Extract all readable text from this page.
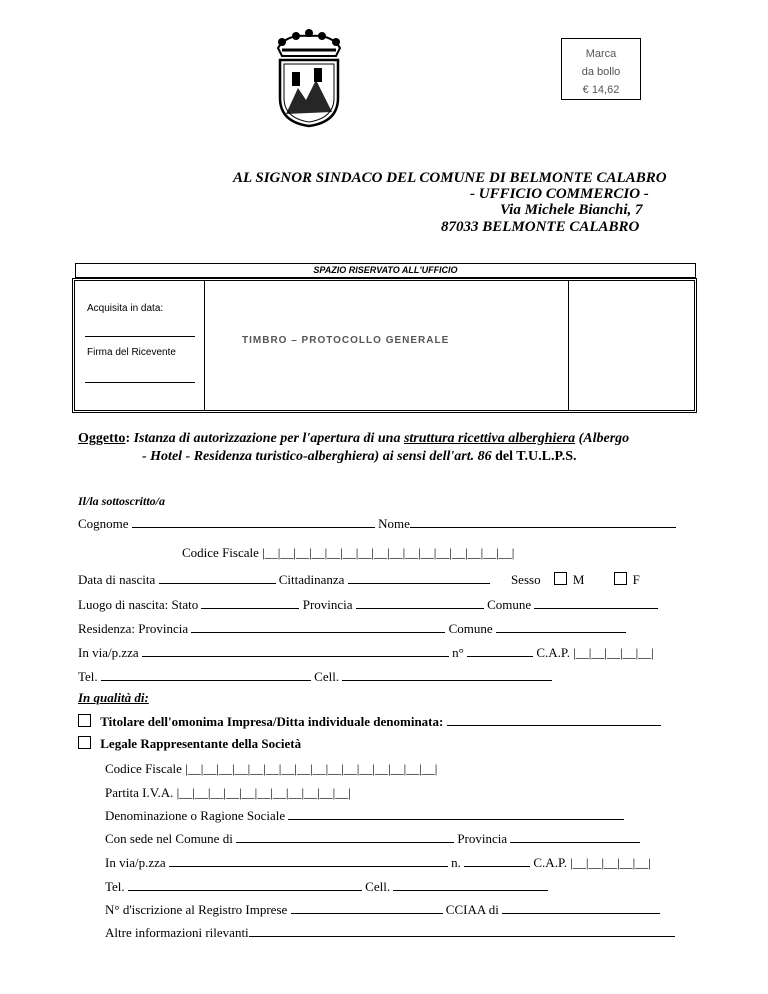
Marca
da bollo
€ 14,62
AL SIGNOR SINDACO DEL COMUNE DI BELMONTE CALABRO
- UFFICIO COMMERCIO -
Via Michele Bianchi, 7
87033 BELMONTE CALABRO
SPAZIO RISERVATO ALL'UFFICIO
Acquisita in data:
Firma del Ricevente
TIMBRO – PROTOCOLLO GENERALE
Oggetto: Istanza di autorizzazione per l'apertura di una struttura ricettiva alberghiera (Albergo
- Hotel - Residenza turistico-alberghiera) ai sensi dell'art. 86 del T.U.L.P.S.
Il/la sottoscritto/a
Cognome	Nome
Codice Fiscale |__|__|__|__|__|__|__|__|__|__|__|__|__|__|__|__|
Data di nascita	Cittadinanza	Sesso M	F
Luogo di nascita: Stato	Provincia	Comune
Residenza: Provincia	Comune
In via/p.zza	n°	C.A.P. |__|__|__|__|__|
Tel.	Cell.
In qualità di:
Titolare dell'omonima Impresa/Ditta individuale denominata:
Legale Rappresentante della Società
Codice Fiscale |__|__|__|__|__|__|__|__|__|__|__|__|__|__|__|__|
Partita I.V.A. |__|__|__|__|__|__|__|__|__|__|__|
Denominazione o Ragione Sociale
Con sede nel Comune di	Provincia
In via/p.zza	n.	C.A.P. |__|__|__|__|__|
Tel.	Cell.
N° d'iscrizione al Registro Imprese	CCIAA di
Altre informazioni rilevanti
